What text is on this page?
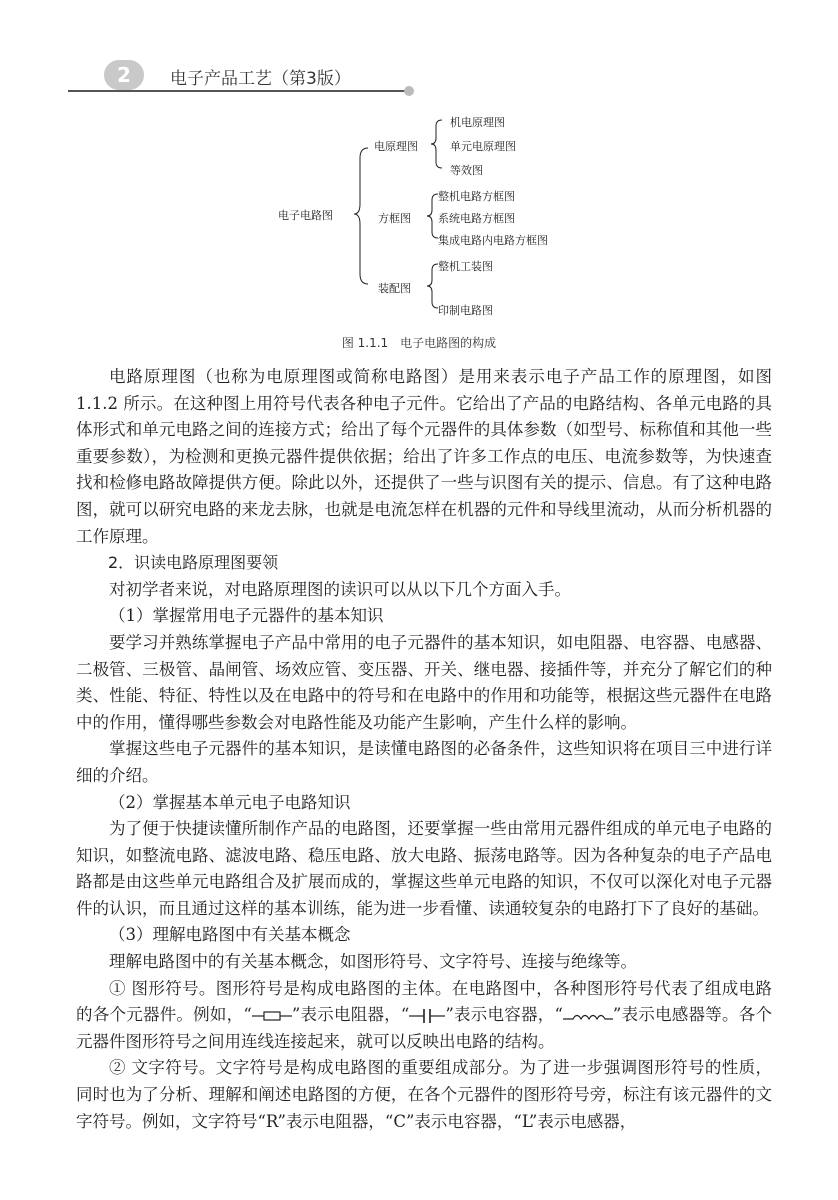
2	电子产品工艺（第3版）
电子电路图
电原理图
机电原理图
单元电原理图
等效图
方框图
整机电路方框图
系统电路方框图
集成电路内电路方框图
装配图
整机工装图
印制电路图
图 1.1.1　电子电路图的构成

电路原理图（也称为电原理图或简称电路图）是用来表示电子产品工作的原理图，如图 1.1.2 所示。在这种图上用符号代表各种电子元件。它给出了产品的电路结构、各单元电路的具体形式和单元电路之间的连接方式；给出了每个元器件的具体参数（如型号、标称值和其他一些重要参数），为检测和更换元器件提供依据；给出了许多工作点的电压、电流参数等，为快速查找和检修电路故障提供方便。除此以外，还提供了一些与识图有关的提示、信息。有了这种电路图，就可以研究电路的来龙去脉，也就是电流怎样在机器的元件和导线里流动，从而分析机器的工作原理。

2．识读电路原理图要领

对初学者来说，对电路原理图的读识可以从以下几个方面入手。

（1）掌握常用电子元器件的基本知识

要学习并熟练掌握电子产品中常用的电子元器件的基本知识，如电阻器、电容器、电感器、二极管、三极管、晶闸管、场效应管、变压器、开关、继电器、接插件等，并充分了解它们的种类、性能、特征、特性以及在电路中的符号和在电路中的作用和功能等，根据这些元器件在电路中的作用，懂得哪些参数会对电路性能及功能产生影响，产生什么样的影响。

掌握这些电子元器件的基本知识，是读懂电路图的必备条件，这些知识将在项目三中进行详细的介绍。

（2）掌握基本单元电子电路知识

为了便于快捷读懂所制作产品的电路图，还要掌握一些由常用元器件组成的单元电子电路的知识，如整流电路、滤波电路、稳压电路、放大电路、振荡电路等。因为各种复杂的电子产品电路都是由这些单元电路组合及扩展而成的，掌握这些单元电路的知识，不仅可以深化对电子元器件的认识，而且通过这样的基本训练，能为进一步看懂、读通较复杂的电路打下了良好的基础。

（3）理解电路图中有关基本概念

理解电路图中的有关基本概念，如图形符号、文字符号、连接与绝缘等。

① 图形符号。图形符号是构成电路图的主体。在电路图中，各种图形符号代表了组成电路的各个元器件。例如，“ ”表示电阻器，“ ”表示电容器，“	”表示电感器等。各个元器件图形符号之间用连线连接起来，就可以反映出电路的结构。

② 文字符号。文字符号是构成电路图的重要组成部分。为了进一步强调图形符号的性质，同时也为了分析、理解和阐述电路图的方便，在各个元器件的图形符号旁，标注有该元器件的文字符号。例如，文字符号“R”表示电阻器，“C”表示电容器，“L”表示电感器，
